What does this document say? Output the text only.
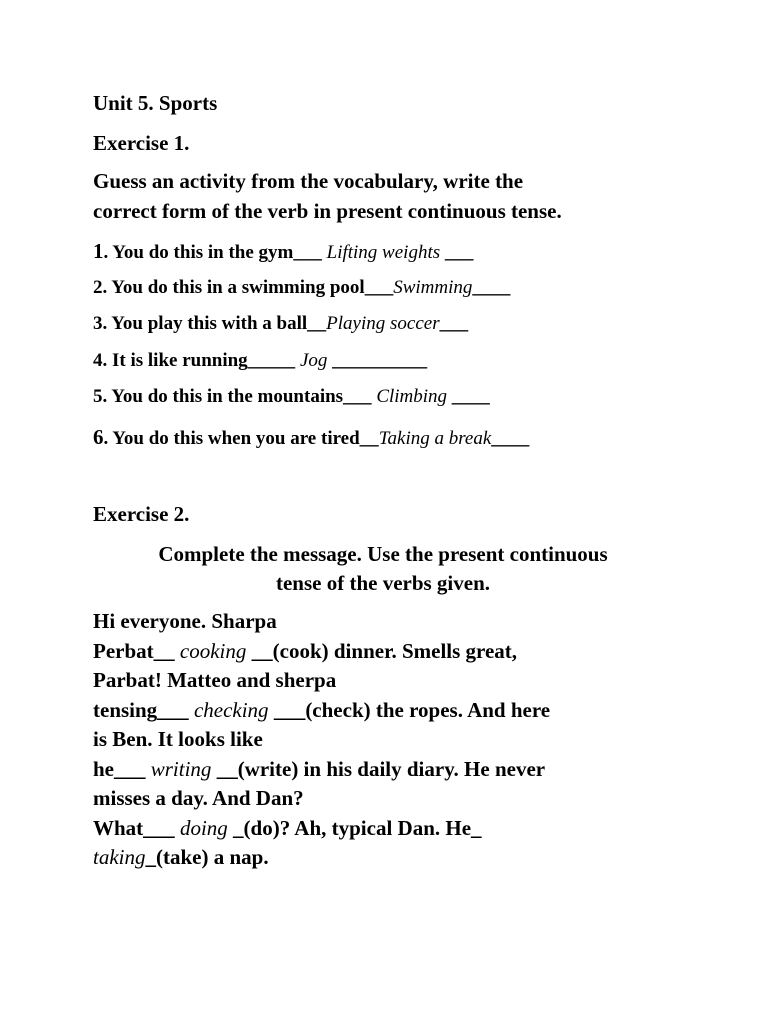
Unit 5. Sports
Exercise 1.
Guess an activity from the vocabulary, write the
correct form of the verb in present continuous tense.
1. You do this in the gym___ Lifting weights ___
2. You do this in a swimming pool___Swimming____
3. You play this with a ball__Playing soccer___
4. It is like running_____ Jog __________
5. You do this in the mountains___ Climbing ____
6. You do this when you are tired__Taking a break____
Exercise 2.
Complete the message. Use the present continuous
tense of the verbs given.
Hi everyone. Sharpa
Perbat__ cooking __(cook) dinner. Smells great,
Parbat! Matteo and sherpa
tensing___ checking ___(check) the ropes. And here
is Ben. It looks like
he___ writing __(write) in his daily diary. He never
misses a day. And Dan?
What___ doing _(do)? Ah, typical Dan. He_
taking_(take) a nap.
